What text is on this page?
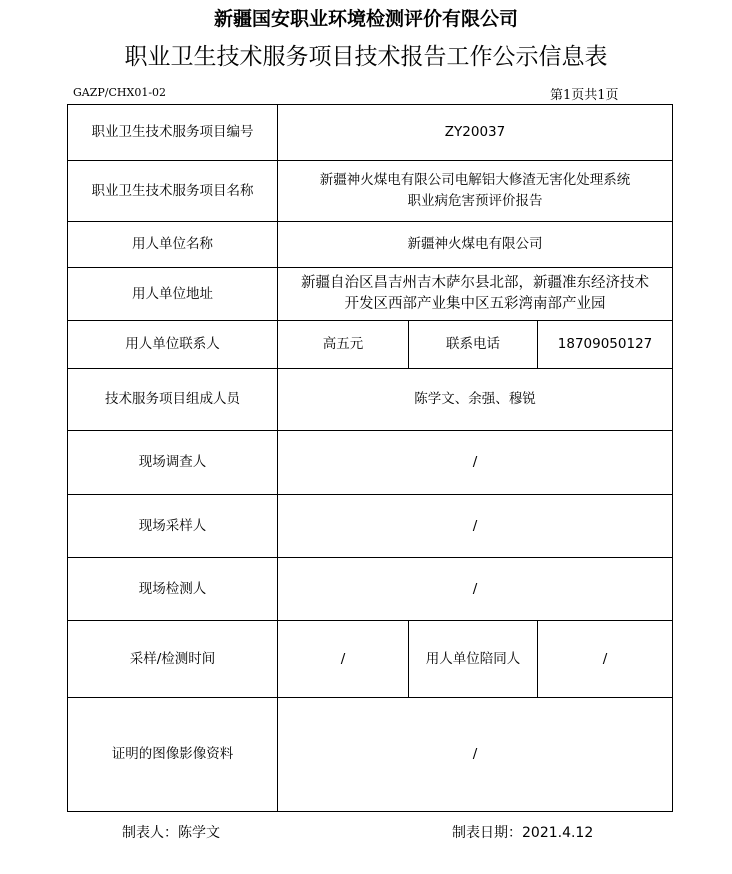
新疆国安职业环境检测评价有限公司
职业卫生技术服务项目技术报告工作公示信息表
GAZP/CHX01-02	第1页共1页
职业卫生技术服务项目编号	ZY20037		
职业卫生技术服务项目名称	新疆神火煤电有限公司电解铝大修渣无害化处理系统
职业病危害预评价报告		

用人单位名称	新疆神火煤电有限公司		
用人单位地址	新疆自治区昌吉州吉木萨尔县北部，新疆准东经济技术
开发区西部产业集中区五彩湾南部产业园		

用人单位联系人	高五元	联系电话	18709050127
技术服务项目组成人员	陈学文、余强、穆锐		
现场调查人	/		
现场采样人	/		
现场检测人	/		
采样/检测时间	/	用人单位陪同人	/
证明的图像影像资料	/		
制表人：陈学文	制表日期：2021.4.12
